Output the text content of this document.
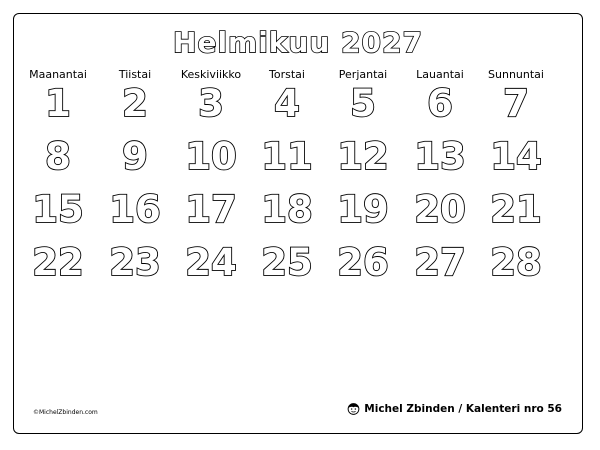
Helmikuu 2027
Maanantai	Tiistai	Keskiviikko	Torstai	Perjantai	Lauantai	Sunnuntai
1	2	3	4	5	6	7
8	9	10 11 12 13 14
15 16 17 18 19 20 21
22 23 24 25 26 27 28
©MichelZbinden.com	Michel Zbinden / Kalenteri nro 56
